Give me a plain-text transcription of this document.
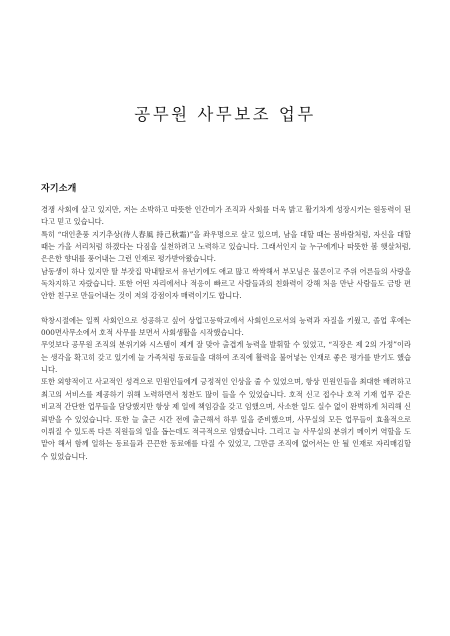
공무원 사무보조 업무
자기소개

경쟁 사회에 살고 있지만, 저는 소박하고 따뜻한 인간미가 조직과 사회를 더욱 밝고 활기차게 성장시키는 원동력이 된다고 믿고 있습니다.

특히 “대인춘풍 지기추상(待人春風 持己秋霜)”을 좌우명으로 살고 있으며, 남을 대할 때는 봄바람처럼, 자신을 대할 때는 가을 서리처럼 하겠다는 다짐을 실천하려고 노력하고 있습니다. 그래서인지 늘 누구에게나 따뜻한 봄 햇살처럼, 은은한 향내를 풍어내는 그런 인재로 평가받아왔습니다.

남동생이 하나 있지만 딸 부잣집 막내딸로서 유년기에도 애교 많고 싹싹해서 부모님은 물론이고 주위 어른들의 사랑을 독차지하고 자랐습니다. 또한 어떤 자리에서나 적응이 빠르고 사람들과의 친화력이 강해 처음 만난 사람들도 금방 편안한 친구로 만들어내는 것이 저의 강점이자 매력이기도 합니다.

학창시절에는 일찍 사회인으로 성공하고 싶어 상업고등학교에서 사회인으로서의 능력과 자질을 키웠고, 졸업 후에는 000면사무소에서 호적 사무를 보면서 사회생활을 시작했습니다.

무엇보다 공무원 조직의 분위기와 시스템이 제게 잘 맞아 출겹게 능력을 발휘할 수 있었고, “직장은 제 2의 가정”이라는 생각을 확고히 갖고 있기에 늘 가족처럼 동료들을 대하여 조직에 활력을 불어넣는 인재로 좋은 평가를 받기도 했습니다.

또한 외향적이고 사교적인 성격으로 민원인들에게 긍정적인 인상을 줄 수 있었으며, 항상 민원인들을 최대한 배려하고 최고의 서비스를 제공하기 위해 노력하면서 칭찬도 많이 들을 수 있었습니다. 호적 신고 접수나 호적 기재 업무 같은 비교적 간단한 업무들을 담당했지만 항상 제 일에 책임감을 갖고 임했으며, 사소한 일도 실수 없이 완벽하게 처리해 신뢰받을 수 있었습니다. 또한 늘 출근 시간 전에 출근해서 하루 일을 준비했으며, 사무실의 모든 업무들이 효율적으로 이뤄질 수 있도록 다른 직원들의 일을 돕는데도 적극적으로 임했습니다. 그리고 늘 사무실의 분위기 메이커 역할을 도맡아 해서 함께 일하는 동료들과 끈끈한 동료애를 다질 수 있었고, 그만큼 조직에 없어서는 안 될 인재로 자리매김할 수 있었습니다.
